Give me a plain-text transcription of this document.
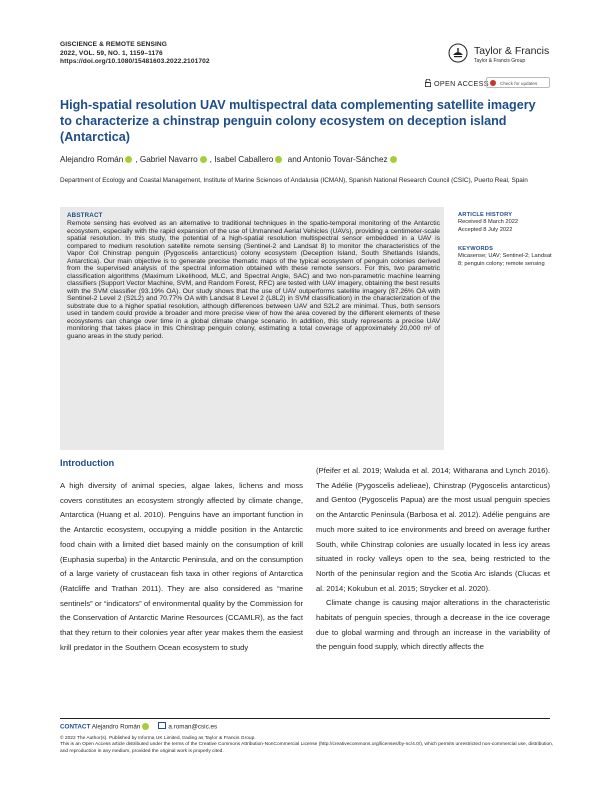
GISCIENCE & REMOTE SENSING
2022, VOL. 59, NO. 1, 1159–1176
https://doi.org/10.1080/15481603.2022.2101702
Taylor & Francis
Taylor & Francis Group
OPEN ACCESS	Check for updates
High-spatial resolution UAV multispectral data complementing satellite imagery to characterize a chinstrap penguin colony ecosystem on deception island (Antarctica)
Alejandro Román , Gabriel Navarro , Isabel Caballero and Antonio Tovar-Sánchez
Department of Ecology and Coastal Management, Institute of Marine Sciences of Andalusia (ICMAN), Spanish National Research Council (CSIC), Puerto Real, Spain
ABSTRACT
Remote sensing has evolved as an alternative to traditional techniques in the spatio-temporal monitoring of the Antarctic ecosystem, especially with the rapid expansion of the use of Unmanned Aerial Vehicles (UAVs), providing a centimeter-scale spatial resolution. In this study, the potential of a high-spatial resolution multispectral sensor embedded in a UAV is compared to medium resolution satellite remote sensing (Sentinel-2 and Landsat 8) to monitor the characteristics of the Vapor Col Chinstrap penguin (Pygoscelis antarcticus) colony ecosystem (Deception Island, South Shetlands Islands, Antarctica). Our main objective is to generate precise thematic maps of the typical ecosystem of penguin colonies derived from the supervised analysis of the spectral information obtained with these remote sensors. For this, two parametric classification algorithms (Maximum Likelihood, MLC, and Spectral Angle, SAC) and two non-parametric machine learning classifiers (Support Vector Machine, SVM, and Random Forest, RFC) are tested with UAV imagery, obtaining the best results with the SVM classifier (93.19% OA). Our study shows that the use of UAV outperforms satellite imagery (87.26% OA with Sentinel-2 Level 2 (S2L2) and 70.77% OA with Landsat 8 Level 2 (L8L2) in SVM classification) in the characterization of the substrate due to a higher spatial resolution, although differences between UAV and S2L2 are minimal. Thus, both sensors used in tandem could provide a broader and more precise view of how the area covered by the different elements of these ecosystems can change over time in a global climate change scenario. In addition, this study represents a precise UAV monitoring that takes place in this Chinstrap penguin colony, estimating a total coverage of approximately 20,000 m² of guano areas in the study period.
ARTICLE HISTORY
Received 8 March 2022
Accepted 8 July 2022
KEYWORDS
Micasense; UAV; Sentinel-2; Landsat 8; penguin colony; remote sensing
Introduction

A high diversity of animal species, algae lakes, lichens and moss covers constitutes an ecosystem strongly affected by climate change, Antarctica (Huang et al. 2010). Penguins have an important function in the Antarctic ecosystem, occupying a middle position in the Antarctic food chain with a limited diet based mainly on the consumption of krill (Euphasia superba) in the Antarctic Peninsula, and on the consumption of a large variety of crustacean fish taxa in other regions of Antarctica (Ratcliffe and Trathan 2011). They are also considered as “marine sentinels” or “indicators” of environmental quality by the Commission for the Conservation of Antarctic Marine Resources (CCAMLR), as the fact that they return to their colonies year after year makes them the easiest krill predator in the Southern Ocean ecosystem to study

(Pfeifer et al. 2019; Waluda et al. 2014; Witharana and Lynch 2016). The Adélie (Pygoscelis adelieae), Chinstrap (Pygoscelis antarcticus) and Gentoo (Pygoscelis Papua) are the most usual penguin species on the Antarctic Peninsula (Barbosa et al. 2012). Adélie penguins are much more suited to ice environments and breed on average further South, while Chinstrap colonies are usually located in less icy areas situated in rocky valleys open to the sea, being restricted to the North of the peninsular region and the Scotia Arc islands (Clucas et al. 2014; Kokubun et al. 2015; Strycker et al. 2020).

Climate change is causing major alterations in the characteristic habitats of penguin species, through a decrease in the ice coverage due to global warming and through an increase in the variability of the penguin food supply, which directly affects the

CONTACT Alejandro Román	a.roman@csic.es
© 2022 The Author(s). Published by Informa UK Limited, trading as Taylor & Francis Group.
This is an Open Access article distributed under the terms of the Creative Commons Attribution-NonCommercial License (http://creativecommons.org/licenses/by-nc/4.0/), which permits unrestricted non-commercial use, distribution, and reproduction in any medium, provided the original work is properly cited.
